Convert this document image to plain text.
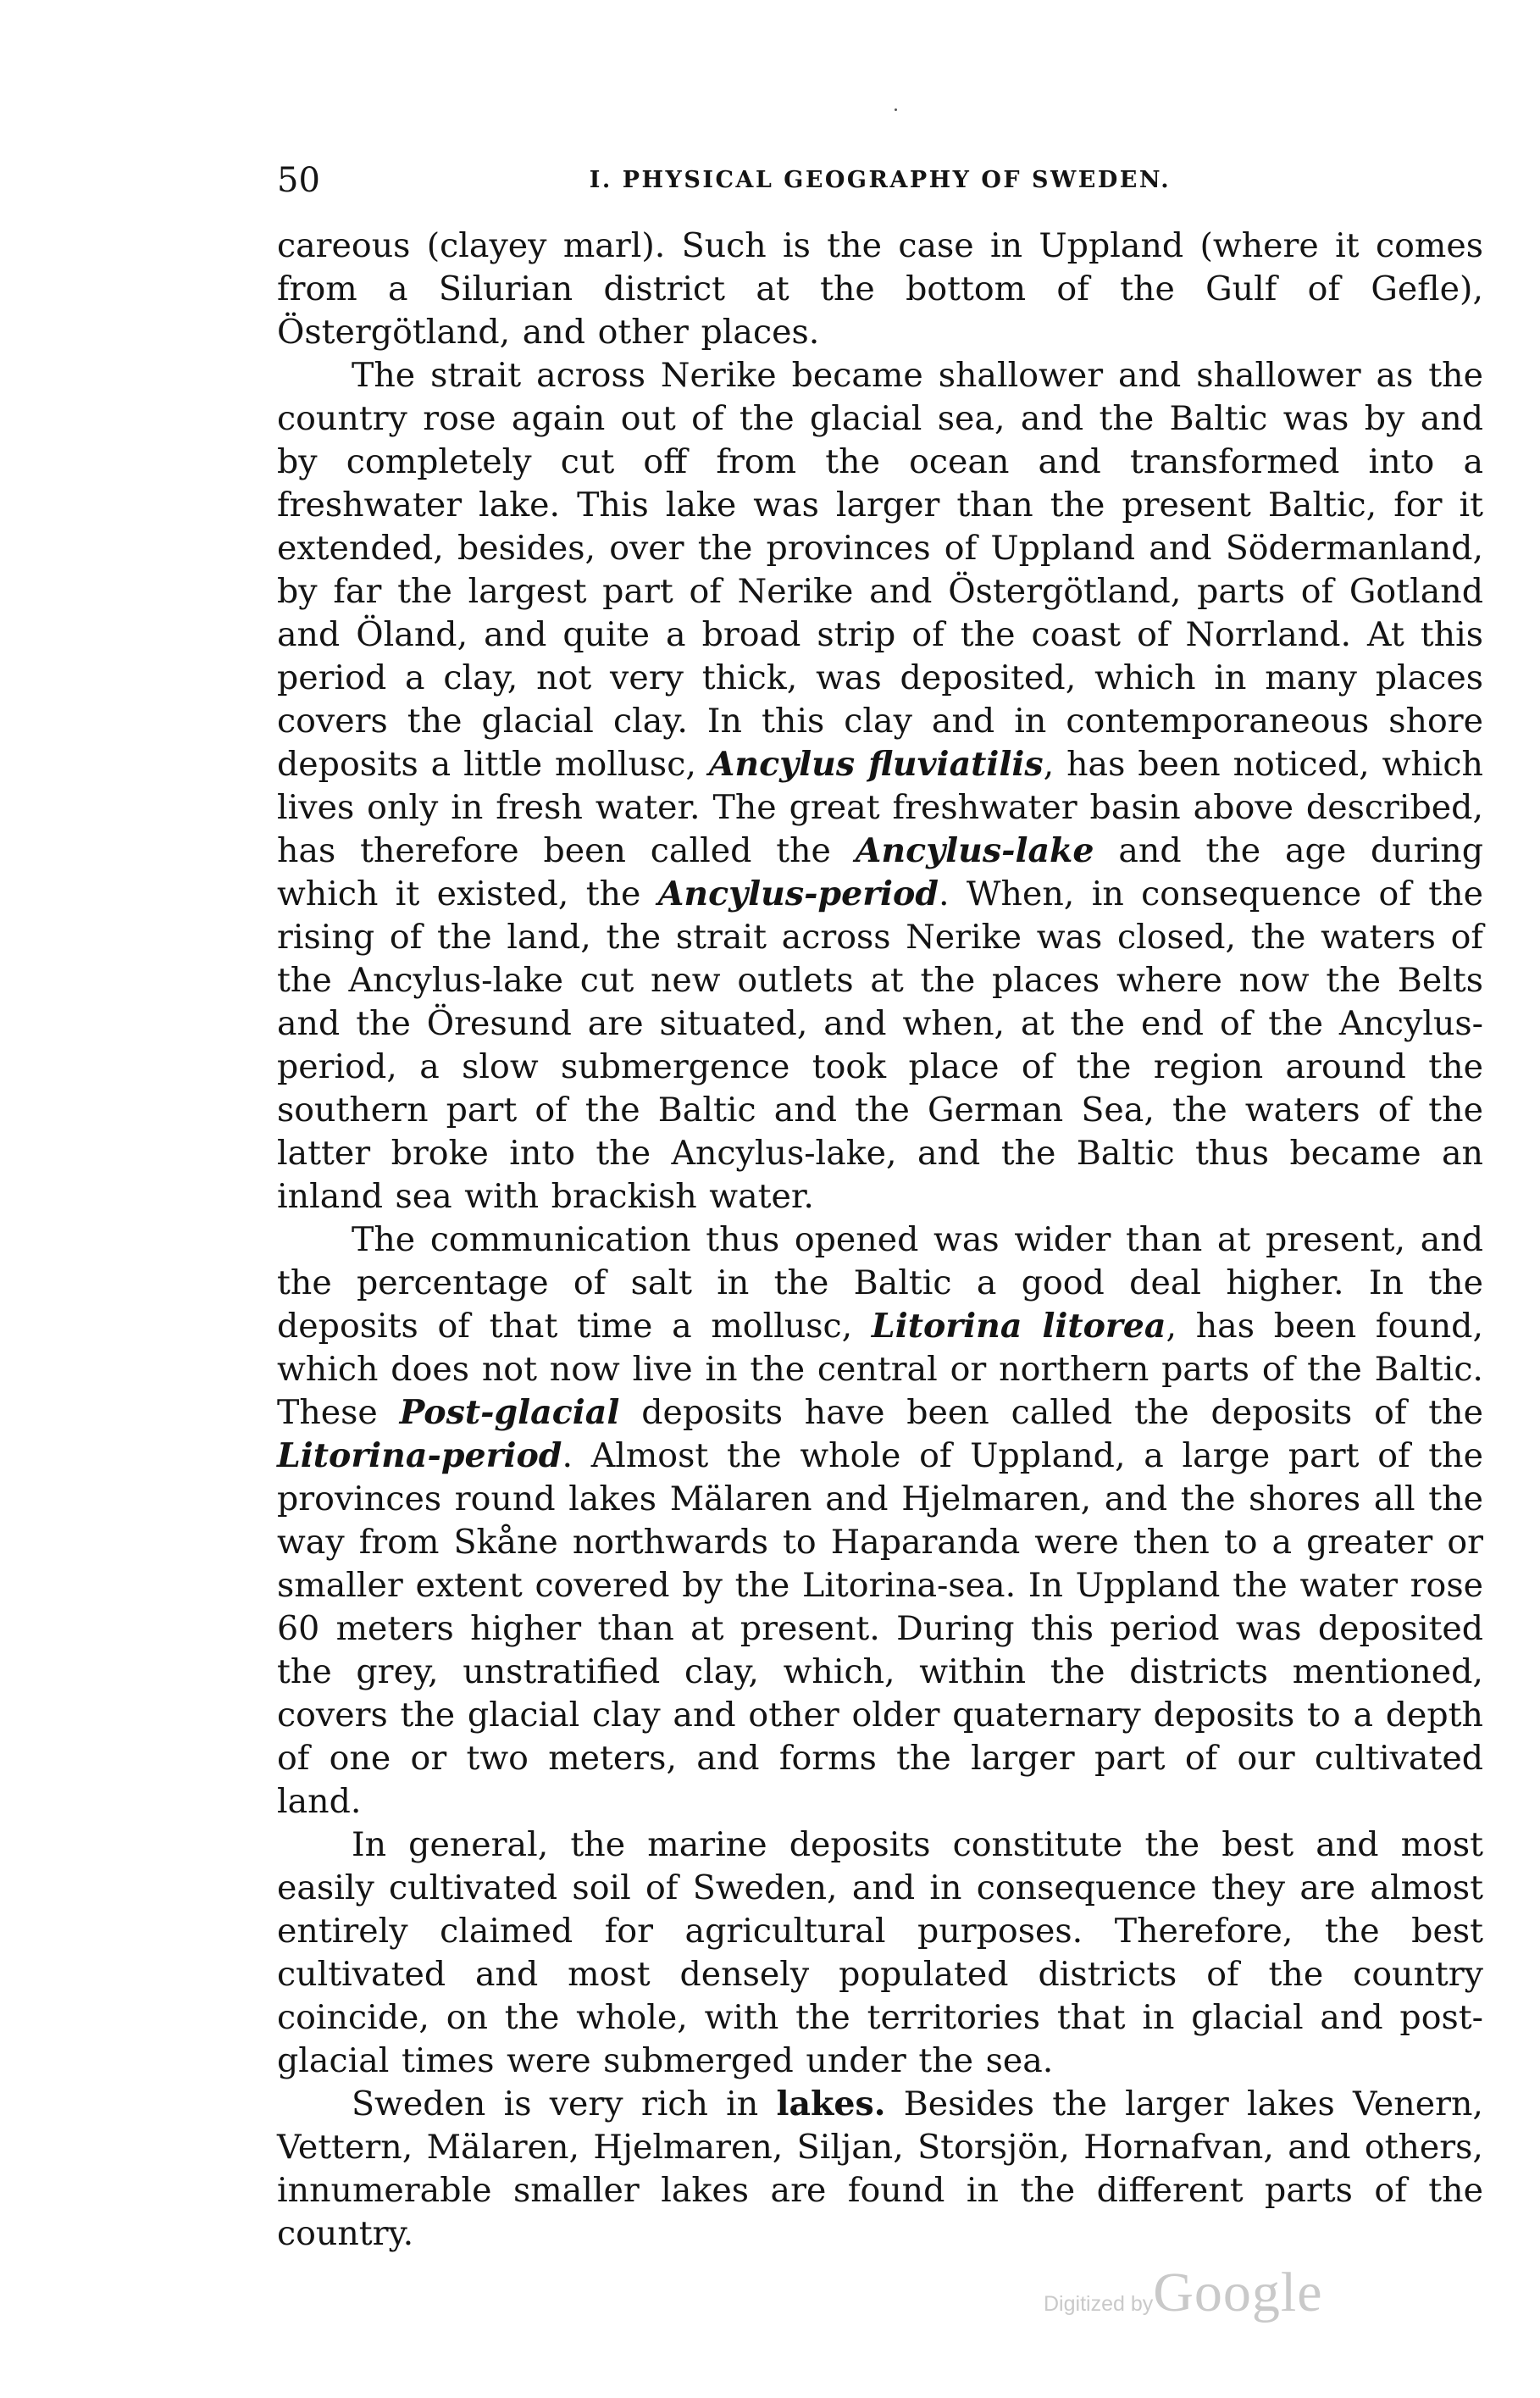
50	I. PHYSICAL GEOGRAPHY OF SWEDEN.

careous (clayey marl). Such is the case in Uppland (where it comes from a Silurian district at the bottom of the Gulf of Gefle), Östergötland, and other places.

The strait across Nerike became shallower and shallower as the country rose again out of the glacial sea, and the Baltic was by and by completely cut off from the ocean and transformed into a freshwater lake. This lake was larger than the present Baltic, for it extended, besides, over the provinces of Uppland and Södermanland, by far the largest part of Nerike and Östergötland, parts of Gotland and Öland, and quite a broad strip of the coast of Norrland. At this period a clay, not very thick, was deposited, which in many places covers the glacial clay. In this clay and in contemporaneous shore deposits a little mollusc, Ancylus fluviatilis, has been noticed, which lives only in fresh water. The great freshwater basin above described, has therefore been called the Ancylus-lake and the age during which it existed, the Ancylus-period. When, in consequence of the rising of the land, the strait across Nerike was closed, the waters of the Ancylus-lake cut new outlets at the places where now the Belts and the Öresund are situated, and when, at the end of the Ancylus-period, a slow submergence took place of the region around the southern part of the Baltic and the German Sea, the waters of the latter broke into the Ancylus-lake, and the Baltic thus became an inland sea with brackish water.

The communication thus opened was wider than at present, and the percentage of salt in the Baltic a good deal higher. In the deposits of that time a mollusc, Litorina litorea, has been found, which does not now live in the central or northern parts of the Baltic. These Post-glacial deposits have been called the deposits of the Litorina-period. Almost the whole of Uppland, a large part of the provinces round lakes Mälaren and Hjelmaren, and the shores all the way from Skåne northwards to Haparanda were then to a greater or smaller extent covered by the Litorina-sea. In Uppland the water rose 60 meters higher than at present. During this period was deposited the grey, unstratified clay, which, within the districts mentioned, covers the glacial clay and other older quaternary deposits to a depth of one or two meters, and forms the larger part of our cultivated land.

In general, the marine deposits constitute the best and most easily cultivated soil of Sweden, and in consequence they are almost entirely claimed for agricultural purposes. Therefore, the best cultivated and most densely populated districts of the country coincide, on the whole, with the territories that in glacial and post-glacial times were submerged under the sea.

Sweden is very rich in lakes. Besides the larger lakes Venern, Vettern, Mälaren, Hjelmaren, Siljan, Storsjön, Hornafvan, and others, innumerable smaller lakes are found in the different parts of the country.

Digitized byGoogle
